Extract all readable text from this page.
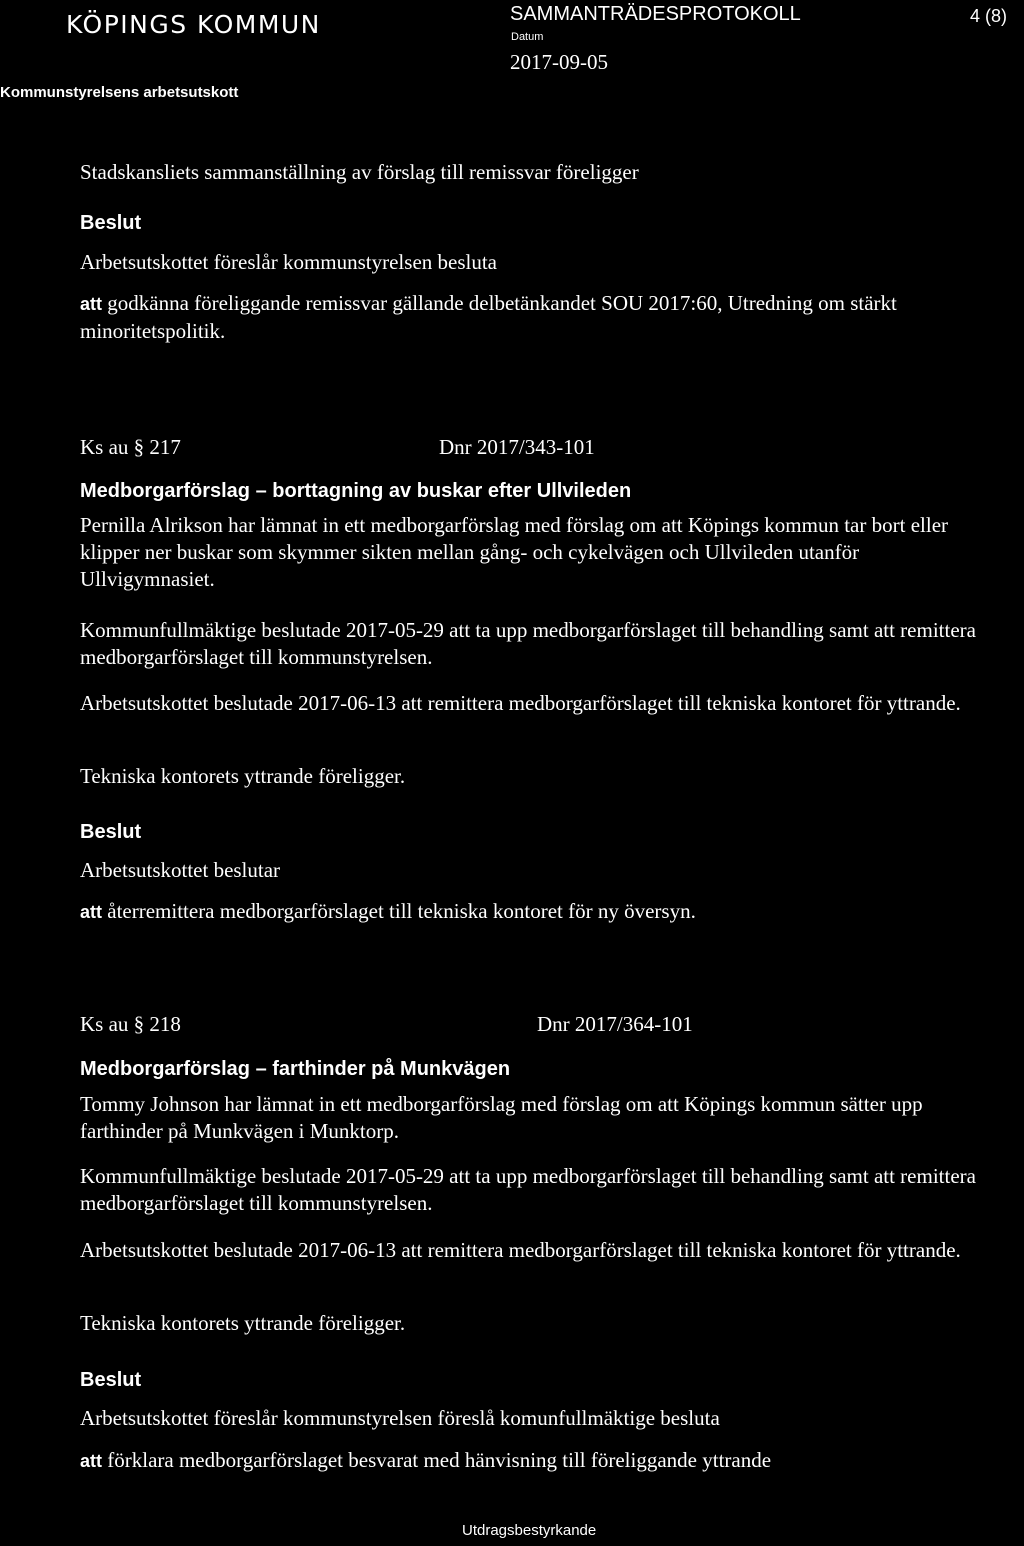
KÖPINGS KOMMUN
Kommunstyrelsens arbetsutskott
SAMMANTRÄDESPROTOKOLL
Datum
2017-09-05
4 (8)

Stadskansliets sammanställning av förslag till remissvar föreligger

Beslut

Arbetsutskottet föreslår kommunstyrelsen besluta

att godkänna föreliggande remissvar gällande delbetänkandet SOU 2017:60, Utredning om stärkt minoritetspolitik.

Ks au § 217	Dnr 2017/343-101
Medborgarförslag – borttagning av buskar efter Ullvileden

Pernilla Alrikson har lämnat in ett medborgarförslag med förslag om att Köpings kommun tar bort eller klipper ner buskar som skymmer sikten mellan gång- och cykelvägen och Ullvileden utanför Ullvigymnasiet.

Kommunfullmäktige beslutade 2017-05-29 att ta upp medborgarförslaget till behandling samt att remittera medborgarförslaget till kommunstyrelsen.

Arbetsutskottet beslutade 2017-06-13 att remittera medborgarförslaget till tekniska kontoret för yttrande.

Tekniska kontorets yttrande föreligger.

Beslut

Arbetsutskottet beslutar

att återremittera medborgarförslaget till tekniska kontoret för ny översyn.

Ks au § 218	Dnr 2017/364-101
Medborgarförslag – farthinder på Munkvägen

Tommy Johnson har lämnat in ett medborgarförslag med förslag om att Köpings kommun sätter upp farthinder på Munkvägen i Munktorp.

Kommunfullmäktige beslutade 2017-05-29 att ta upp medborgarförslaget till behandling samt att remittera medborgarförslaget till kommunstyrelsen.

Arbetsutskottet beslutade 2017-06-13 att remittera medborgarförslaget till tekniska kontoret för yttrande.

Tekniska kontorets yttrande föreligger.

Beslut

Arbetsutskottet föreslår kommunstyrelsen föreslå komunfullmäktige besluta

att förklara medborgarförslaget besvarat med hänvisning till föreliggande yttrande

Utdragsbestyrkande
